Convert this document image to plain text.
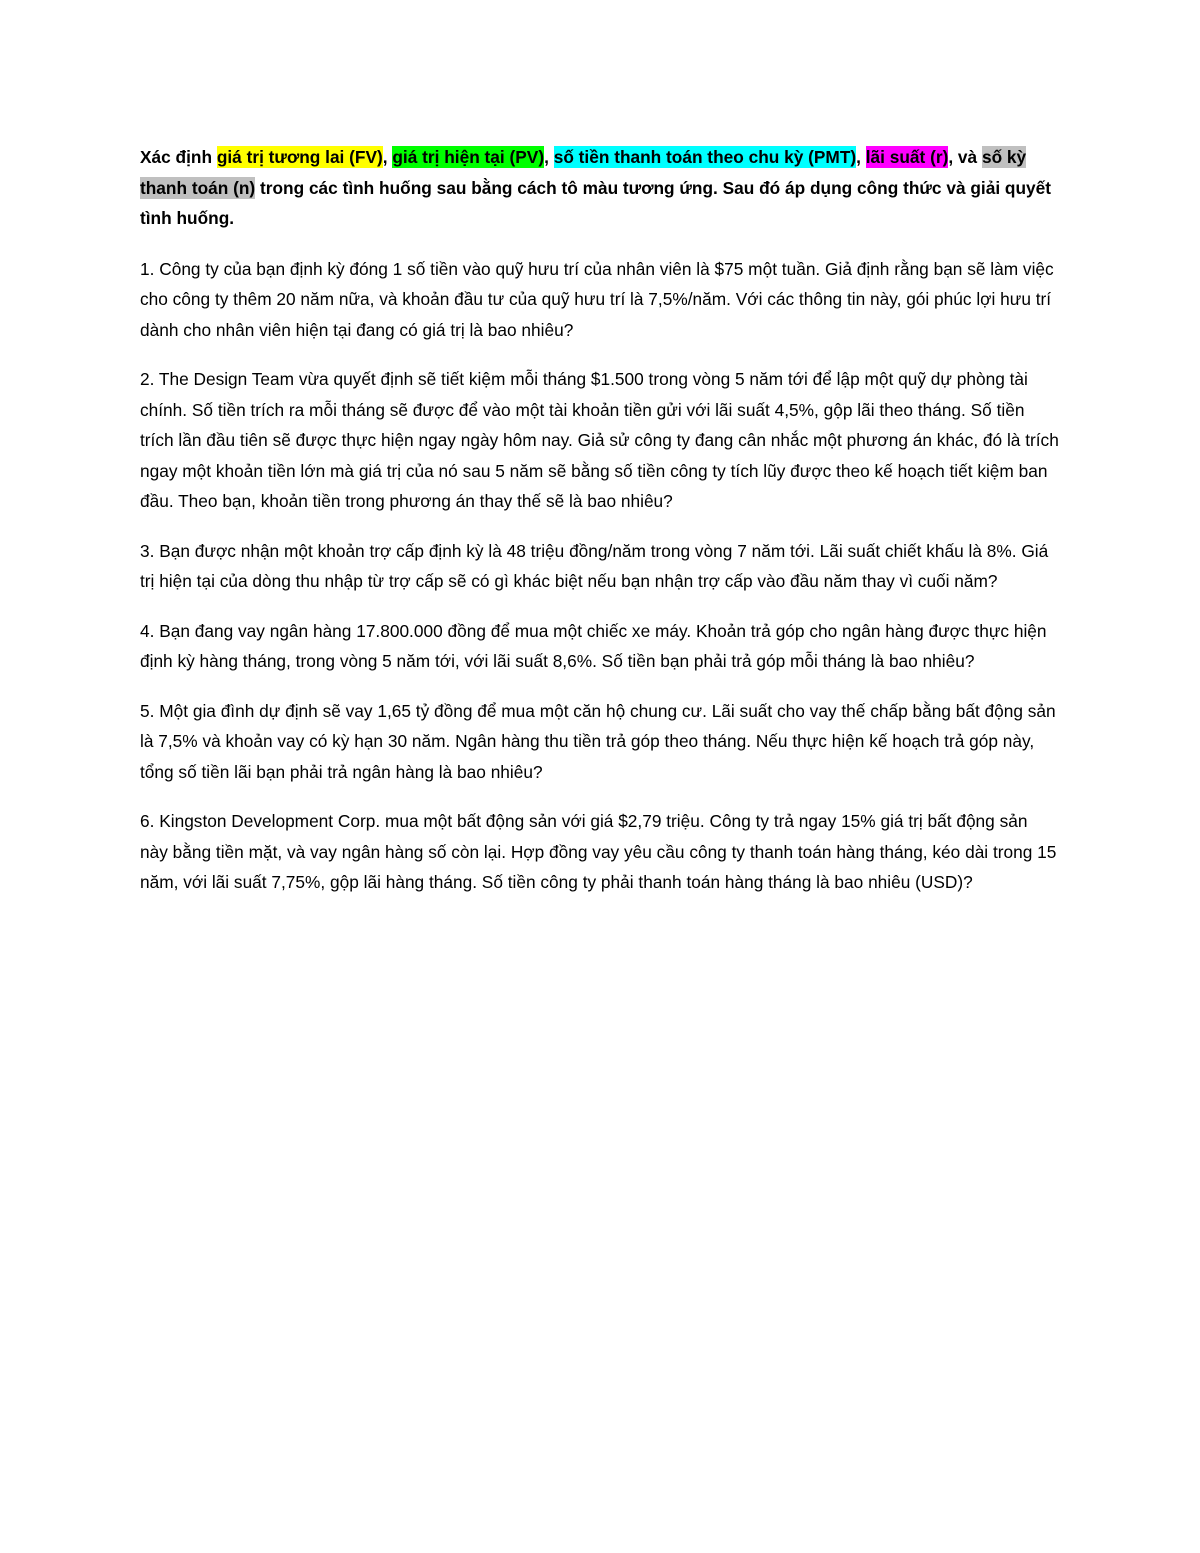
Xác định giá trị tương lai (FV), giá trị hiện tại (PV), số tiền thanh toán theo chu kỳ (PMT), lãi suất (r), và số kỳ thanh toán (n) trong các tình huống sau bằng cách tô màu tương ứng. Sau đó áp dụng công thức và giải quyết tình huống.

1. Công ty của bạn định kỳ đóng 1 số tiền vào quỹ hưu trí của nhân viên là $75 một tuần. Giả định rằng bạn sẽ làm việc cho công ty thêm 20 năm nữa, và khoản đầu tư của quỹ hưu trí là 7,5%/năm. Với các thông tin này, gói phúc lợi hưu trí dành cho nhân viên hiện tại đang có giá trị là bao nhiêu?

2. The Design Team vừa quyết định sẽ tiết kiệm mỗi tháng $1.500 trong vòng 5 năm tới để lập một quỹ dự phòng tài chính. Số tiền trích ra mỗi tháng sẽ được để vào một tài khoản tiền gửi với lãi suất 4,5%, gộp lãi theo tháng. Số tiền trích lần đầu tiên sẽ được thực hiện ngay ngày hôm nay. Giả sử công ty đang cân nhắc một phương án khác, đó là trích ngay một khoản tiền lớn mà giá trị của nó sau 5 năm sẽ bằng số tiền công ty tích lũy được theo kế hoạch tiết kiệm ban đầu. Theo bạn, khoản tiền trong phương án thay thế sẽ là bao nhiêu?

3. Bạn được nhận một khoản trợ cấp định kỳ là 48 triệu đồng/năm trong vòng 7 năm tới. Lãi suất chiết khấu là 8%. Giá trị hiện tại của dòng thu nhập từ trợ cấp sẽ có gì khác biệt nếu bạn nhận trợ cấp vào đầu năm thay vì cuối năm?

4. Bạn đang vay ngân hàng 17.800.000 đồng để mua một chiếc xe máy. Khoản trả góp cho ngân hàng được thực hiện định kỳ hàng tháng, trong vòng 5 năm tới, với lãi suất 8,6%. Số tiền bạn phải trả góp mỗi tháng là bao nhiêu?

5. Một gia đình dự định sẽ vay 1,65 tỷ đồng để mua một căn hộ chung cư. Lãi suất cho vay thế chấp bằng bất động sản là 7,5% và khoản vay có kỳ hạn 30 năm. Ngân hàng thu tiền trả góp theo tháng. Nếu thực hiện kế hoạch trả góp này, tổng số tiền lãi bạn phải trả ngân hàng là bao nhiêu?

6. Kingston Development Corp. mua một bất động sản với giá $2,79 triệu. Công ty trả ngay 15% giá trị bất động sản này bằng tiền mặt, và vay ngân hàng số còn lại. Hợp đồng vay yêu cầu công ty thanh toán hàng tháng, kéo dài trong 15 năm, với lãi suất 7,75%, gộp lãi hàng tháng. Số tiền công ty phải thanh toán hàng tháng là bao nhiêu (USD)?
